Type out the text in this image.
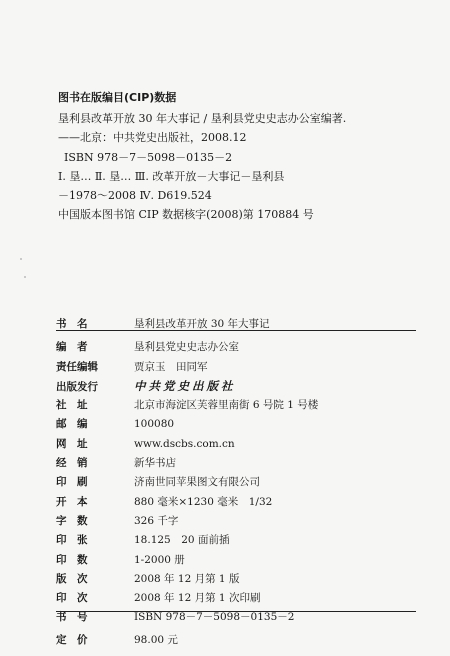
图书在版编目(CIP)数据
垦利县改革开放 30 年大事记 / 垦利县党史史志办公室编著.
——北京：中共党史出版社，2008.12
ISBN 978－7－5098－0135－2
Ⅰ. 垦… Ⅱ. 垦… Ⅲ. 改革开放－大事记－垦利县
－1978～2008 Ⅳ. D619.524
中国版本图书馆 CIP 数据核字(2008)第 170884 号
书　名	垦利县改革开放 30 年大事记
编　者	垦利县党史史志办公室
责任编辑	贾京玉　田同军
出版发行	中共党史出版社
社　址	北京市海淀区芙蓉里南街 6 号院 1 号楼
邮　编	100080
网　址	www.dscbs.com.cn
经　销	新华书店
印　刷	济南世同苹果图文有限公司
开　本	880 毫米×1230 毫米　1/32
字　数	326 千字
印　张	18.125　20 面前插
印　数	1-2000 册
版　次	2008 年 12 月第 1 版
印　次	2008 年 12 月第 1 次印刷
书　号	ISBN 978－7－5098－0135－2
定　价	98.00 元
